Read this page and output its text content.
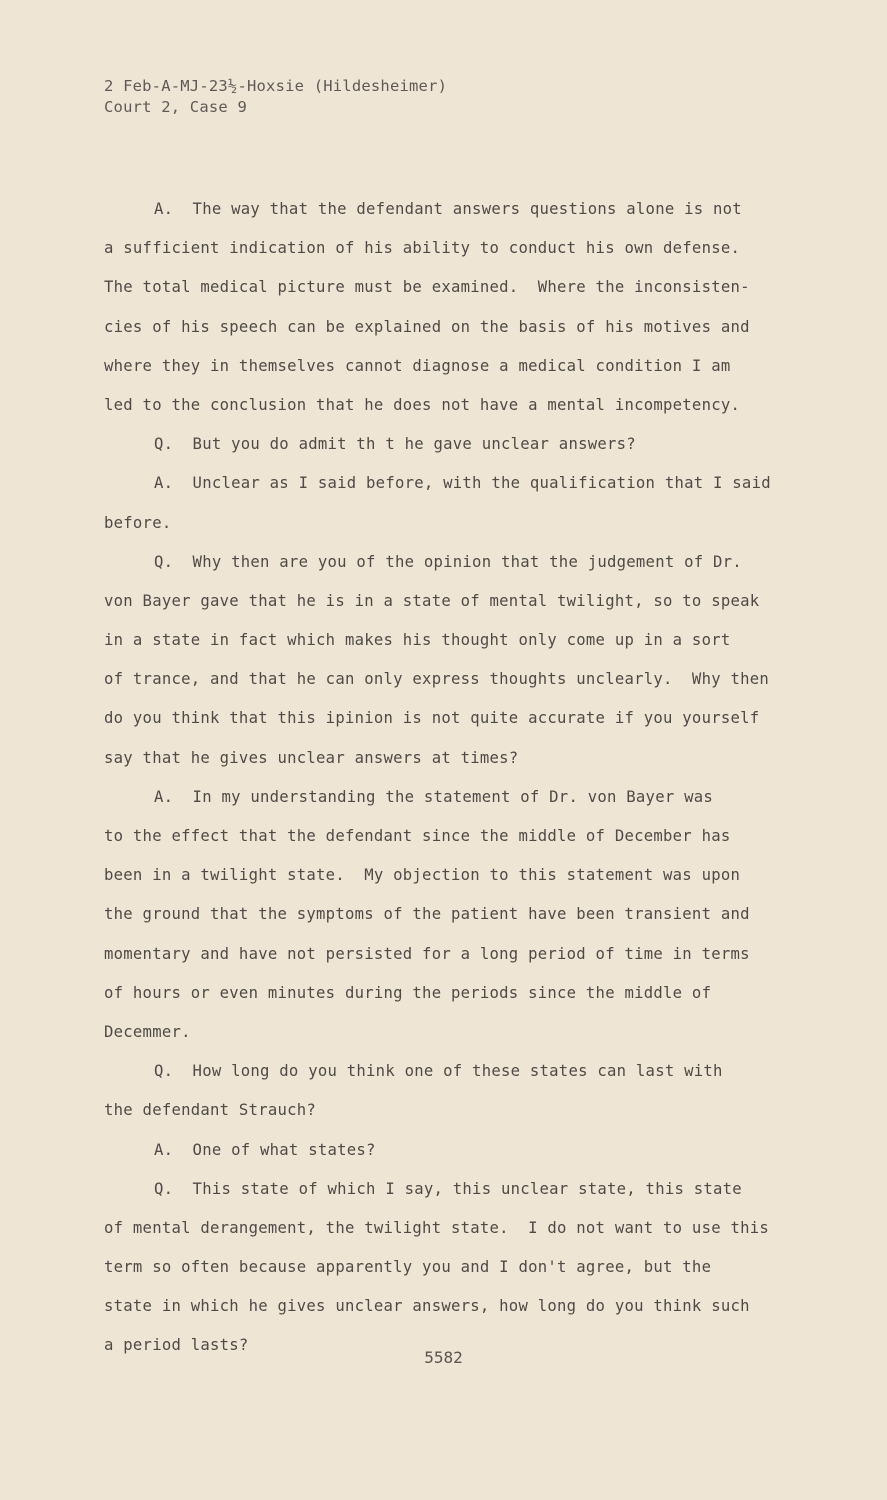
2 Feb-A-MJ-23½-Hoxsie (Hildesheimer)
Court 2, Case 9
A.  The way that the defendant answers questions alone is not
a sufficient indication of his ability to conduct his own defense.
The total medical picture must be examined.  Where the inconsisten-
cies of his speech can be explained on the basis of his motives and
where they in themselves cannot diagnose a medical condition I am
led to the conclusion that he does not have a mental incompetency.
Q.  But you do admit th t he gave unclear answers?
A.  Unclear as I said before, with the qualification that I said
before.
Q.  Why then are you of the opinion that the judgement of Dr.
von Bayer gave that he is in a state of mental twilight, so to speak
in a state in fact which makes his thought only come up in a sort
of trance, and that he can only express thoughts unclearly.  Why then
do you think that this ipinion is not quite accurate if you yourself
say that he gives unclear answers at times?
A.  In my understanding the statement of Dr. von Bayer was
to the effect that the defendant since the middle of December has
been in a twilight state.  My objection to this statement was upon
the ground that the symptoms of the patient have been transient and
momentary and have not persisted for a long period of time in terms
of hours or even minutes during the periods since the middle of
Decemmer.
Q.  How long do you think one of these states can last with
the defendant Strauch?
A.  One of what states?
Q.  This state of which I say, this unclear state, this state
of mental derangement, the twilight state.  I do not want to use this
term so often because apparently you and I don't agree, but the
state in which he gives unclear answers, how long do you think such
a period lasts?
5582
